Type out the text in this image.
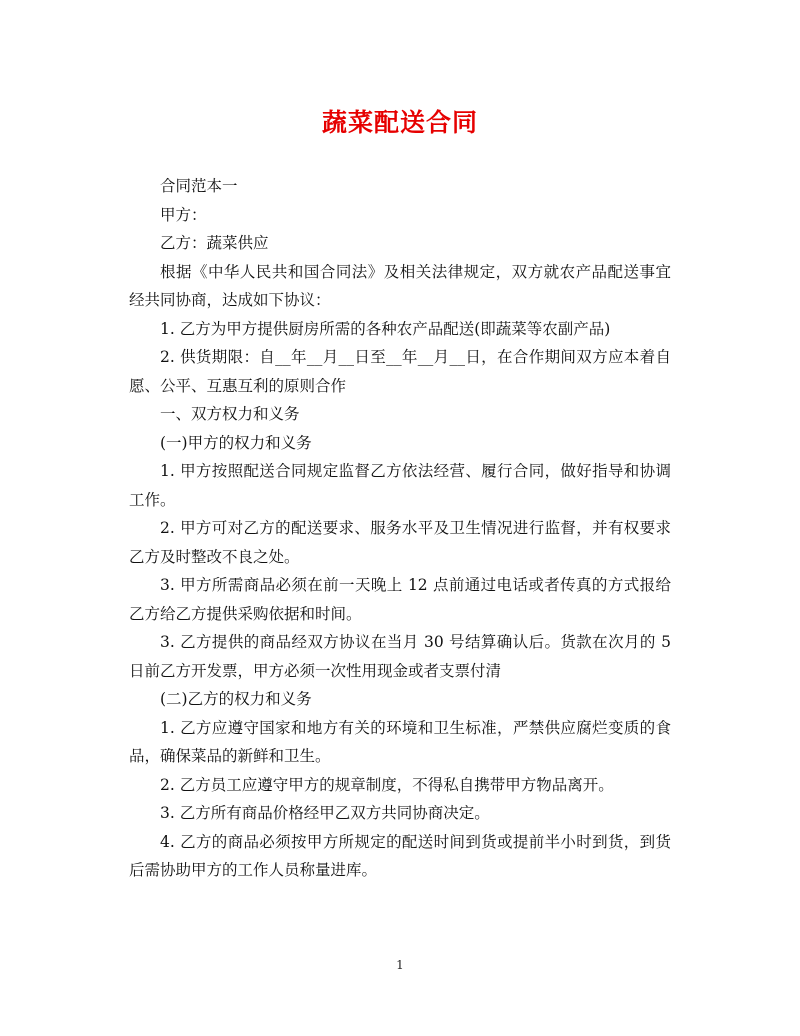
蔬菜配送合同

合同范本一

甲方：

乙方：蔬菜供应

根据《中华人民共和国合同法》及相关法律规定，双方就农产品配送事宜经共同协商，达成如下协议：

1. 乙方为甲方提供厨房所需的各种农产品配送(即蔬菜等农副产品)

2. 供货期限：自__年__月__日至__年__月__日，在合作期间双方应本着自愿、公平、互惠互利的原则合作

一、双方权力和义务

(一)甲方的权力和义务

1. 甲方按照配送合同规定监督乙方依法经营、履行合同，做好指导和协调工作。

2. 甲方可对乙方的配送要求、服务水平及卫生情况进行监督，并有权要求乙方及时整改不良之处。

3. 甲方所需商品必须在前一天晚上 12 点前通过电话或者传真的方式报给乙方给乙方提供采购依据和时间。

3. 乙方提供的商品经双方协议在当月 30 号结算确认后。货款在次月的 5 日前乙方开发票，甲方必须一次性用现金或者支票付清

(二)乙方的权力和义务

1. 乙方应遵守国家和地方有关的环境和卫生标准，严禁供应腐烂变质的食品，确保菜品的新鲜和卫生。

2. 乙方员工应遵守甲方的规章制度，不得私自携带甲方物品离开。

3. 乙方所有商品价格经甲乙双方共同协商决定。

4. 乙方的商品必须按甲方所规定的配送时间到货或提前半小时到货，到货后需协助甲方的工作人员称量进库。

1
